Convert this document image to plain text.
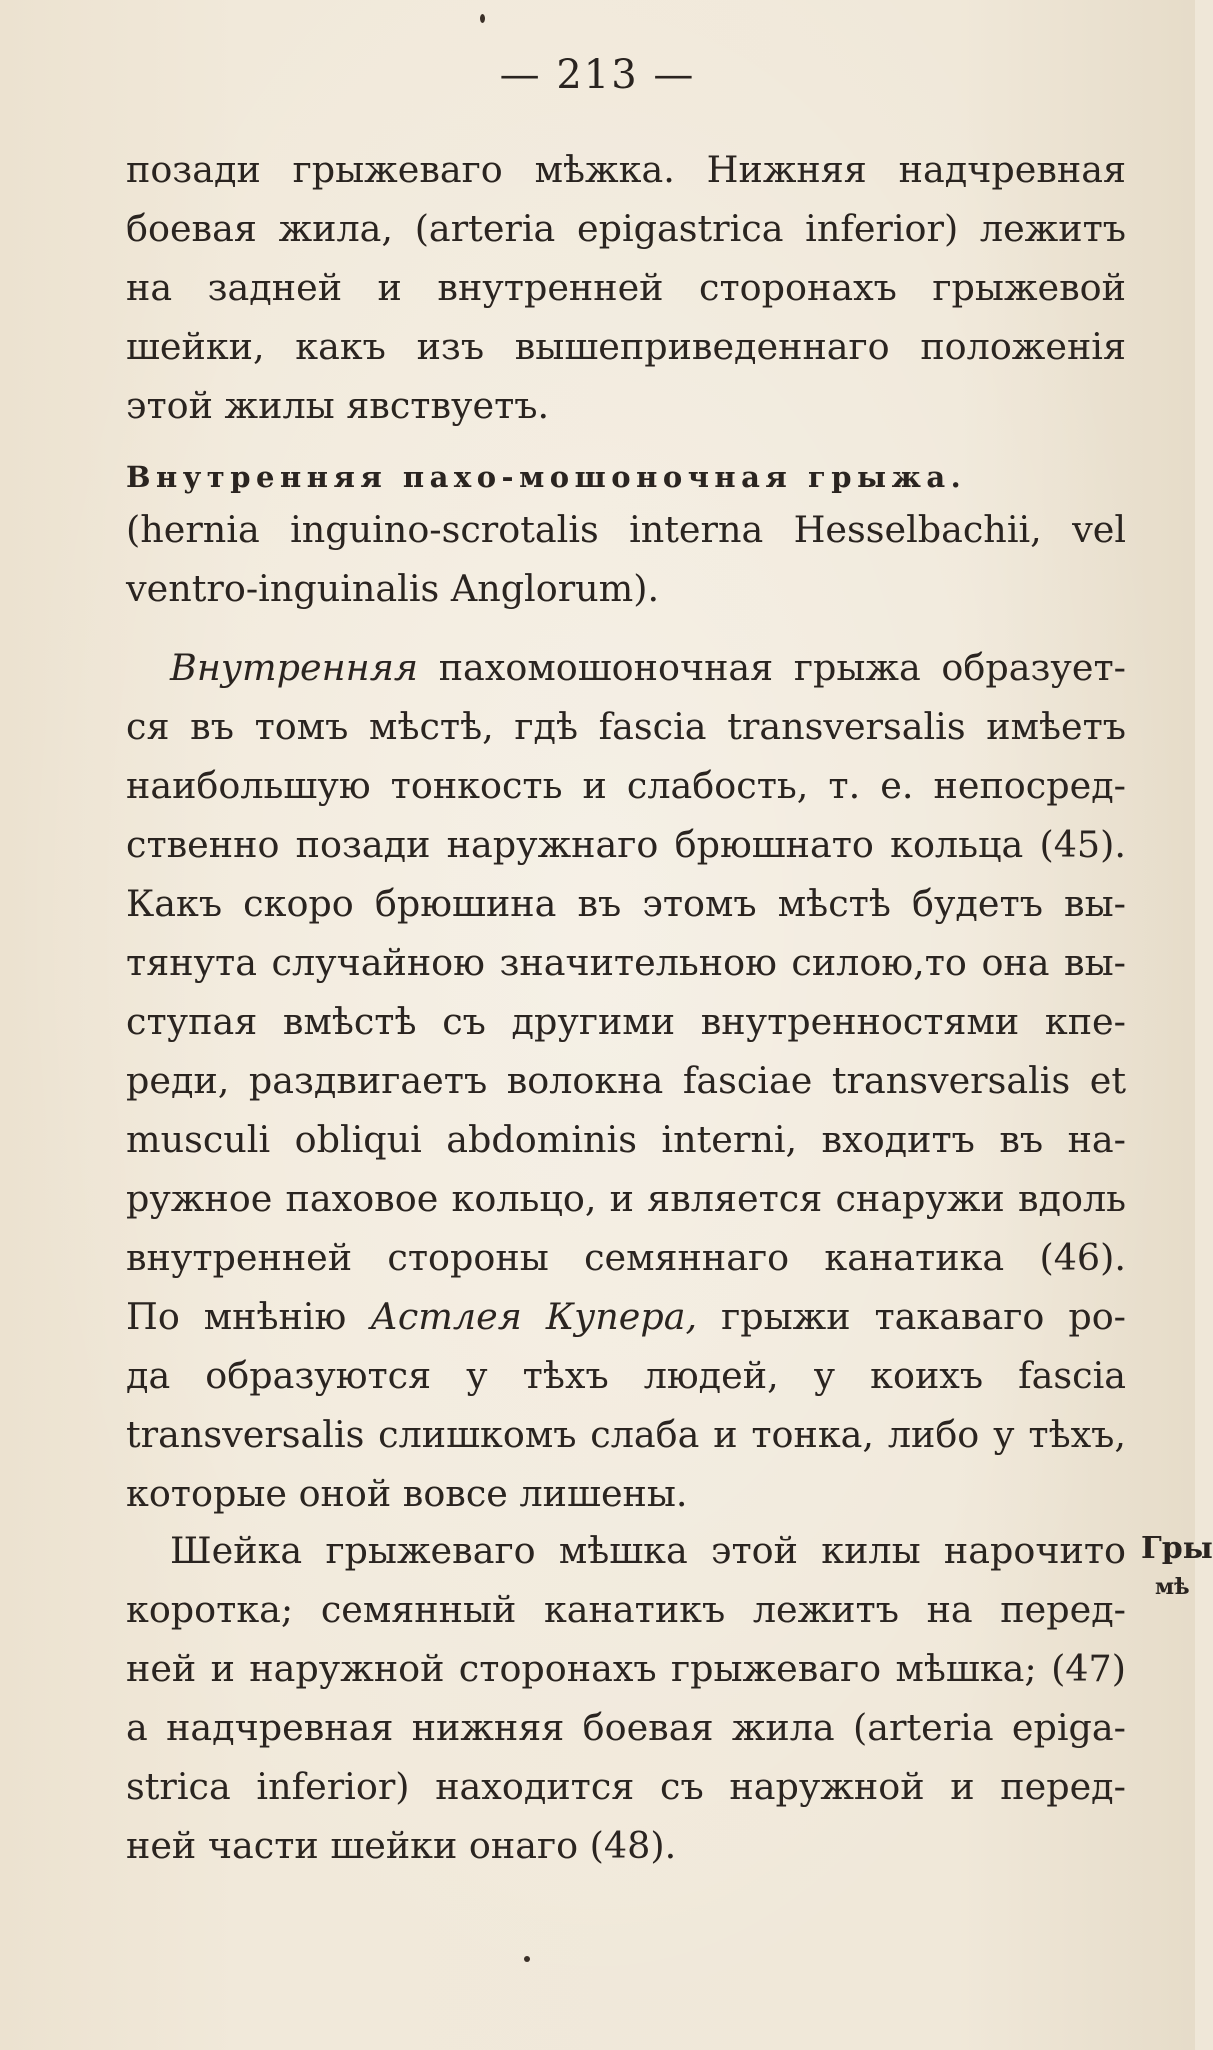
— 213 —
позади грыжеваго мѣжка. Нижняя надчревная
боевая жила, (arteria epigastrica inferior) лежитъ
на задней и внутренней сторонахъ грыжевой
шейки, какъ изъ вышеприведеннаго положенія
этой жилы явствуетъ.
Внутренняя пахо-мошоночная грыжа.
(hernia inguino-scrotalis interna Hesselbachii, vel
ventro-inguinalis Anglorum).
Внутренняя пахомошоночная грыжа образует-
ся въ томъ мѣстѣ, гдѣ fascia transversalis имѣетъ
наибольшую тонкость и слабость, т. е. непосред-
ственно позади наружнаго брюшнато кольца (45).
Какъ скоро брюшина въ этомъ мѣстѣ будетъ вы-
тянута случайною значительною силою,то она вы-
ступая вмѣстѣ съ другими внутренностями кпе-
реди, раздвигаетъ волокна fasciae transversalis et
musculi obliqui abdominis interni, входитъ въ на-
ружное паховое кольцо, и является снаружи вдоль
внутренней стороны семяннаго канатика (46).
По мнѣнію Астлея Купера, грыжи такаваго ро-
да образуются у тѣхъ людей, у коихъ fascia
transversalis слишкомъ слаба и тонка, либо у тѣхъ,
которые оной вовсе лишены.
Шейка грыжеваго мѣшка этой килы нарочито
коротка; семянный канатикъ лежитъ на перед-
ней и наружной сторонахъ грыжеваго мѣшка; (47)
а надчревная нижняя боевая жила (arteria epiga-
strica inferior) находится съ наружной и перед-
ней части шейки онаго (48).
Гры
мѣ
